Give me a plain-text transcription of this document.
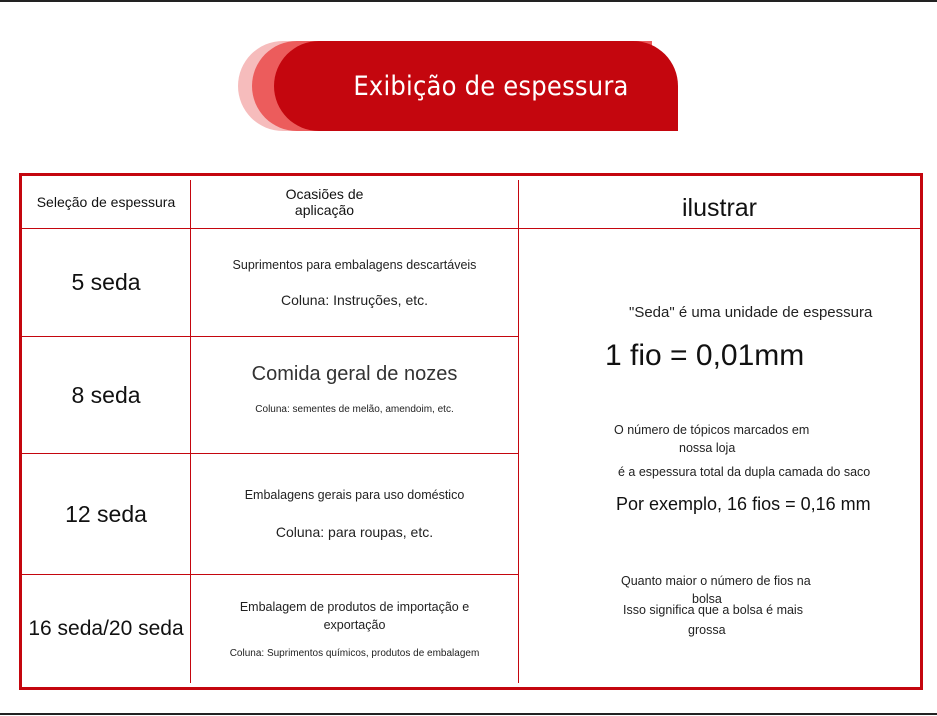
Exibição de espessura
Seleção de espessura	Ocasiões de
aplicação	ilustrar
5 seda
Suprimentos para embalagens descartáveis
Coluna: Instruções, etc.
8 seda
Comida geral de nozes
Coluna: sementes de melão, amendoim, etc.
12 seda
Embalagens gerais para uso doméstico
Coluna: para roupas, etc.
16 seda/20 seda
Embalagem de produtos de importação e
exportação
Coluna: Suprimentos químicos, produtos de embalagem
"Seda" é uma unidade de espessura
1 fio = 0,01mm
O número de tópicos marcados em
nossa loja
é a espessura total da dupla camada do saco
Por exemplo, 16 fios = 0,16 mm
Quanto maior o número de fios na
bolsa
Isso significa que a bolsa é mais
grossa
